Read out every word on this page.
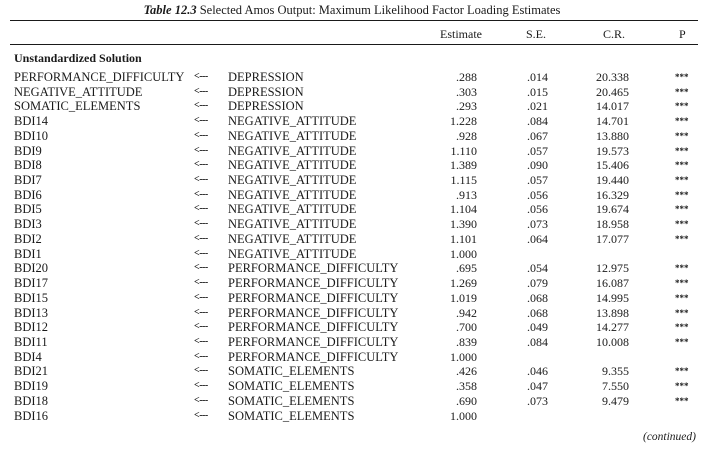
Table 12.3 Selected Amos Output: Maximum Likelihood Factor Loading Estimates
Estimate	S.E.	C.R.	P
Unstandardized Solution
PERFORMANCE_DIFFICULTY <--- DEPRESSION	.288	.014	20.338	***
NEGATIVE_ATTITUDE	<--- DEPRESSION	.303	.015	20.465	***
SOMATIC_ELEMENTS	<--- DEPRESSION	.293	.021	14.017	***
BDI14	<--- NEGATIVE_ATTITUDE	1.228	.084	14.701	***
BDI10	<--- NEGATIVE_ATTITUDE	.928	.067	13.880	***
BDI9	<--- NEGATIVE_ATTITUDE	1.110	.057	19.573	***
BDI8	<--- NEGATIVE_ATTITUDE	1.389	.090	15.406	***
BDI7	<--- NEGATIVE_ATTITUDE	1.115	.057	19.440	***
BDI6	<--- NEGATIVE_ATTITUDE	.913	.056	16.329	***
BDI5	<--- NEGATIVE_ATTITUDE	1.104	.056	19.674	***
BDI3	<--- NEGATIVE_ATTITUDE	1.390	.073	18.958	***
BDI2	<--- NEGATIVE_ATTITUDE	1.101	.064	17.077	***
BDI1	<--- NEGATIVE_ATTITUDE	1.000
BDI20	<--- PERFORMANCE_DIFFICULTY	.695	.054	12.975	***
BDI17	<--- PERFORMANCE_DIFFICULTY	1.269	.079	16.087	***
BDI15	<--- PERFORMANCE_DIFFICULTY	1.019	.068	14.995	***
BDI13	<--- PERFORMANCE_DIFFICULTY	.942	.068	13.898	***
BDI12	<--- PERFORMANCE_DIFFICULTY	.700	.049	14.277	***
BDI11	<--- PERFORMANCE_DIFFICULTY	.839	.084	10.008	***
BDI4	<--- PERFORMANCE_DIFFICULTY	1.000
BDI21	<--- SOMATIC_ELEMENTS	.426	.046	9.355	***
BDI19	<--- SOMATIC_ELEMENTS	.358	.047	7.550	***
BDI18	<--- SOMATIC_ELEMENTS	.690	.073	9.479	***
BDI16	<--- SOMATIC_ELEMENTS	1.000
(continued)
